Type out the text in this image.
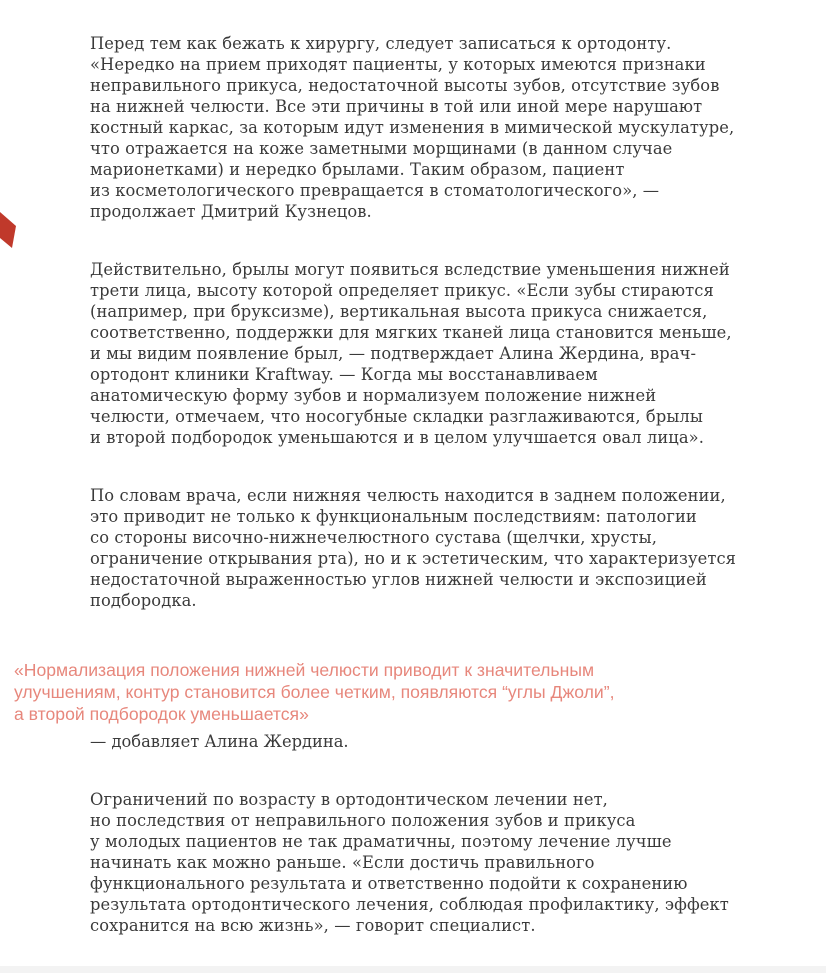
Перед тем как бежать к хирургу, следует записаться к ортодонту.
«Нередко на прием приходят пациенты, у которых имеются признаки
неправильного прикуса, недостаточной высоты зубов, отсутствие зубов
на нижней челюсти. Все эти причины в той или иной мере нарушают
костный каркас, за которым идут изменения в мимической мускулатуре,
что отражается на коже заметными морщинами (в данном случае
марионетками) и нередко брылами. Таким образом, пациент
из косметологического превращается в стоматологического», —
продолжает Дмитрий Кузнецов.

Действительно, брылы могут появиться вследствие уменьшения нижней
трети лица, высоту которой определяет прикус. «Если зубы стираются
(например, при бруксизме), вертикальная высота прикуса снижается,
соответственно, поддержки для мягких тканей лица становится меньше,
и мы видим появление брыл, — подтверждает Алина Жердина, врач-
ортодонт клиники Kraftway. — Когда мы восстанавливаем
анатомическую форму зубов и нормализуем положение нижней
челюсти, отмечаем, что носогубные складки разглаживаются, брылы
и второй подбородок уменьшаются и в целом улучшается овал лица».

По словам врача, если нижняя челюсть находится в заднем положении,
это приводит не только к функциональным последствиям: патологии
со стороны височно-нижнечелюстного сустава (щелчки, хрусты,
ограничение открывания рта), но и к эстетическим, что характеризуется
недостаточной выраженностью углов нижней челюсти и экспозицией
подбородка.

«Нормализация положения нижней челюсти приводит к значительным
улучшениям, контур становится более четким, появляются “углы Джоли”,
а второй подбородок уменьшается»

— добавляет Алина Жердина.

Ограничений по возрасту в ортодонтическом лечении нет,
но последствия от неправильного положения зубов и прикуса
у молодых пациентов не так драматичны, поэтому лечение лучше
начинать как можно раньше. «Если достичь правильного
функционального результата и ответственно подойти к сохранению
результата ортодонтического лечения, соблюдая профилактику, эффект
сохранится на всю жизнь», — говорит специалист.
